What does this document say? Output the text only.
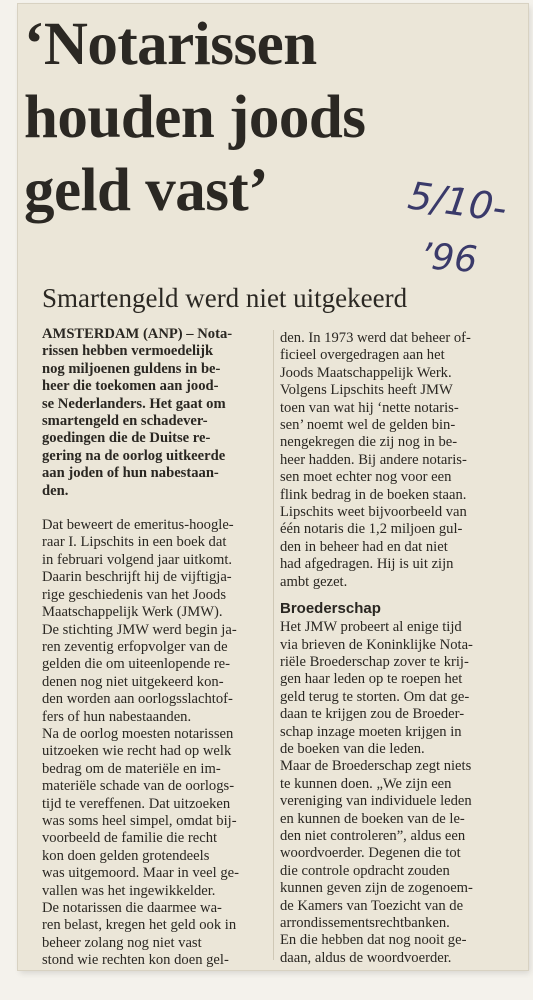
‘Notarissen
houden joods
geld vast’	5/10-
’96
Smartengeld werd niet uitgekeerd
AMSTERDAM (ANP) – Nota-
rissen hebben vermoedelijk
nog miljoenen guldens in be-
heer die toekomen aan jood-
se Nederlanders. Het gaat om
smartengeld en schadever-
goedingen die de Duitse re-
gering na de oorlog uitkeerde
aan joden of hun nabestaan-
den.
Dat beweert de emeritus-hoogle-
raar I. Lipschits in een boek dat
in februari volgend jaar uitkomt.
Daarin beschrijft hij de vijftigja-
rige geschiedenis van het Joods
Maatschappelijk Werk (JMW).
De stichting JMW werd begin ja-
ren zeventig erfopvolger van de
gelden die om uiteenlopende re-
denen nog niet uitgekeerd kon-
den worden aan oorlogsslachtof-
fers of hun nabestaanden.
Na de oorlog moesten notarissen
uitzoeken wie recht had op welk
bedrag om de materiële en im-
materiële schade van de oorlogs-
tijd te vereffenen. Dat uitzoeken
was soms heel simpel, omdat bij-
voorbeeld de familie die recht
kon doen gelden grotendeels
was uitgemoord. Maar in veel ge-
vallen was het ingewikkelder.
De notarissen die daarmee wa-
ren belast, kregen het geld ook in
beheer zolang nog niet vast
stond wie rechten kon doen gel-
den. In 1973 werd dat beheer of-
ficieel overgedragen aan het
Joods Maatschappelijk Werk.
Volgens Lipschits heeft JMW
toen van wat hij ‘nette notaris-
sen’ noemt wel de gelden bin-
nengekregen die zij nog in be-
heer hadden. Bij andere notaris-
sen moet echter nog voor een
flink bedrag in de boeken staan.
Lipschits weet bijvoorbeeld van
één notaris die 1,2 miljoen gul-
den in beheer had en dat niet
had afgedragen. Hij is uit zijn
ambt gezet.
Broederschap
Het JMW probeert al enige tijd
via brieven de Koninklijke Nota-
riële Broederschap zover te krij-
gen haar leden op te roepen het
geld terug te storten. Om dat ge-
daan te krijgen zou de Broeder-
schap inzage moeten krijgen in
de boeken van die leden.
Maar de Broederschap zegt niets
te kunnen doen. „We zijn een
vereniging van individuele leden
en kunnen de boeken van de le-
den niet controleren”, aldus een
woordvoerder. Degenen die tot
die controle opdracht zouden
kunnen geven zijn de zogenoem-
de Kamers van Toezicht van de
arrondissementsrechtbanken.
En die hebben dat nog nooit ge-
daan, aldus de woordvoerder.
